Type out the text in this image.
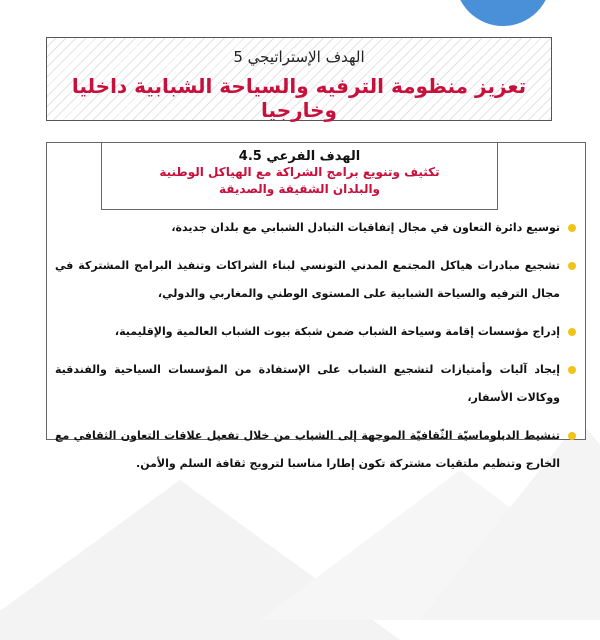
الهدف الإستراتيجي 5
تعزيز منظومة الترفيه والسياحة الشبابية داخليا وخارجيا
الهدف الفرعي 4.5
تكثيف وتنويع برامج الشراكة مع الهياكل الوطنية
والبلدان الشقيقة والصديقة
توسيع دائرة التعاون في مجال إتفاقيات التبادل الشبابي مع بلدان جديدة،
تشجيع مبادرات هياكل المجتمع المدني التونسي لبناء الشراكات وتنفيذ البرامج المشتركة في مجال الترفيه والسياحة الشبابية على المستوى الوطني والمغاربي والدولي،
إدراج مؤسسات إقامة وسياحة الشباب ضمن شبكة بيوت الشباب العالمية والإقليمية،
إيجاد آليات وأمتيازات لتشجيع الشباب على الإستفادة من المؤسسات السياحية والفندقية ووكالات الأسفار،
تنشيط الدبلوماسيّة الثّقافيّة الموجهة إلى الشباب من خلال تفعيل علاقات التعاون الثقافي مع الخارج وتنظيم ملتقيات مشتركة تكون إطارا مناسبا لترويج ثقافة السلم والأمن.
